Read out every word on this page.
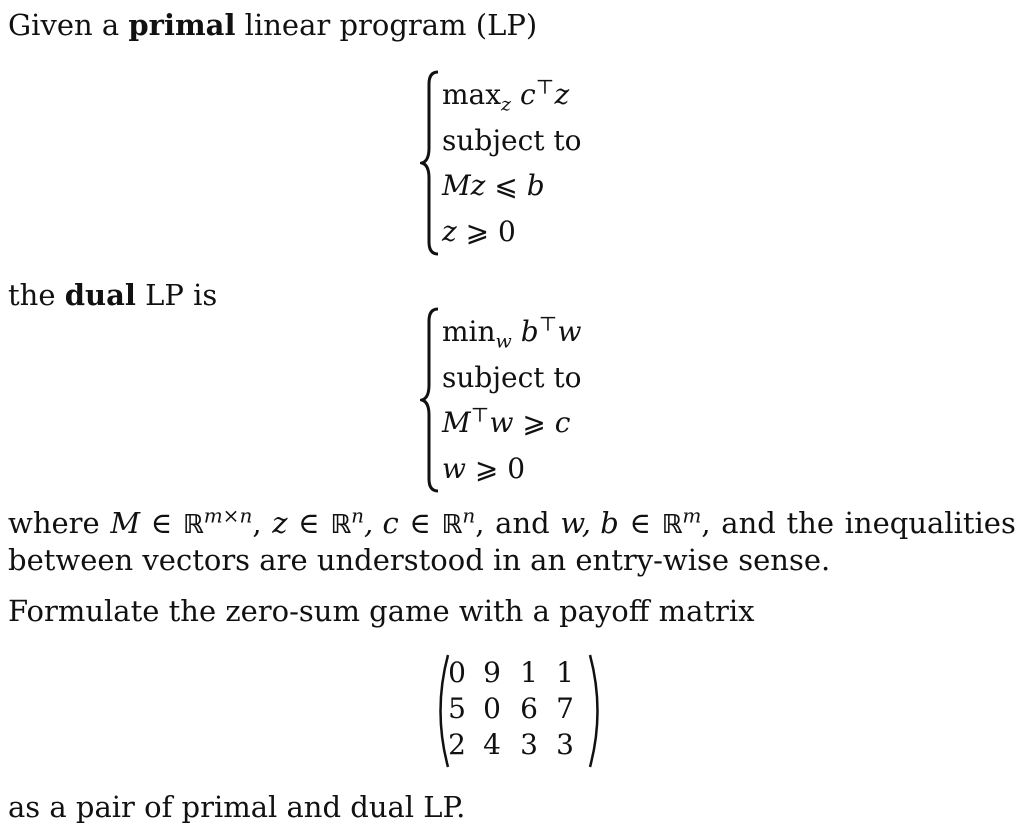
Given a primal linear program (LP)
$\max_z c^⊤z$
subject to
Mz ⩽ b
z ⩾ 0
the dual LP is
$\min_w b^⊤w$
subject to
M⊤w ⩾ c
w ⩾ 0
where M ∈ ℝ$^{m\times n}$, z ∈ ℝ$^n$, c ∈ ℝ$^n$, and w, b ∈ ℝ$^m$, and the inequalities
between vectors are understood in an entry-wise sense.
Formulate the zero-sum game with a payoff matrix
0 9 1 1
5 0 6 7
2 4 3 3
as a pair of primal and dual LP.
